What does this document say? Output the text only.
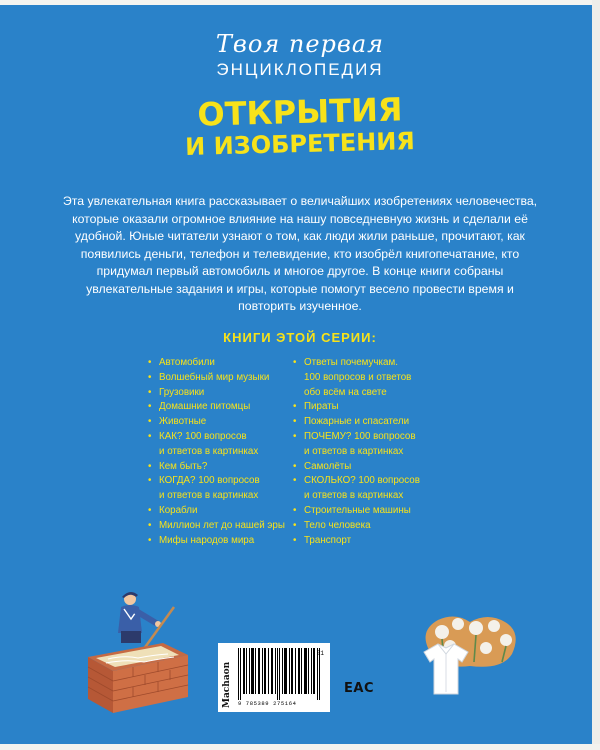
Твоя первая
ЭНЦИКЛОПЕДИЯ
ОТКРЫТИЯ
И ИЗОБРЕТЕНИЯ

Эта увлекательная книга рассказывает о величайших изобретениях человечества, которые оказали огромное влияние на нашу повседневную жизнь и сделали её удобной. Юные читатели узнают о том, как люди жили раньше, прочитают, как появились деньги, телефон и телевидение, кто изобрёл книгопечатание, кто придумал первый автомобиль и многое другое. В конце книги собраны увлекательные задания и игры, которые помогут весело провести время и повторить изученное.

КНИГИ ЭТОЙ СЕРИИ:
• Автомобили
• Волшебный мир музыки
• Грузовики
• Домашние питомцы
• Животные
• КАК? 100 вопросов
и ответов в картинках
• Кем быть?
• КОГДА? 100 вопросов
и ответов в картинках
• Корабли
• Миллион лет до нашей эры
• Мифы народов мира
• Ответы почемучкам.
100 вопросов и ответов
обо всём на свете
• Пираты
• Пожарные и спасатели
• ПОЧЕМУ? 100 вопросов
и ответов в картинках
• Самолёты
• СКОЛЬКО? 100 вопросов
и ответов в картинках
• Строительные машины
• Тело человека
• Транспорт
Machaon
01
9 785389 275164
EAC
